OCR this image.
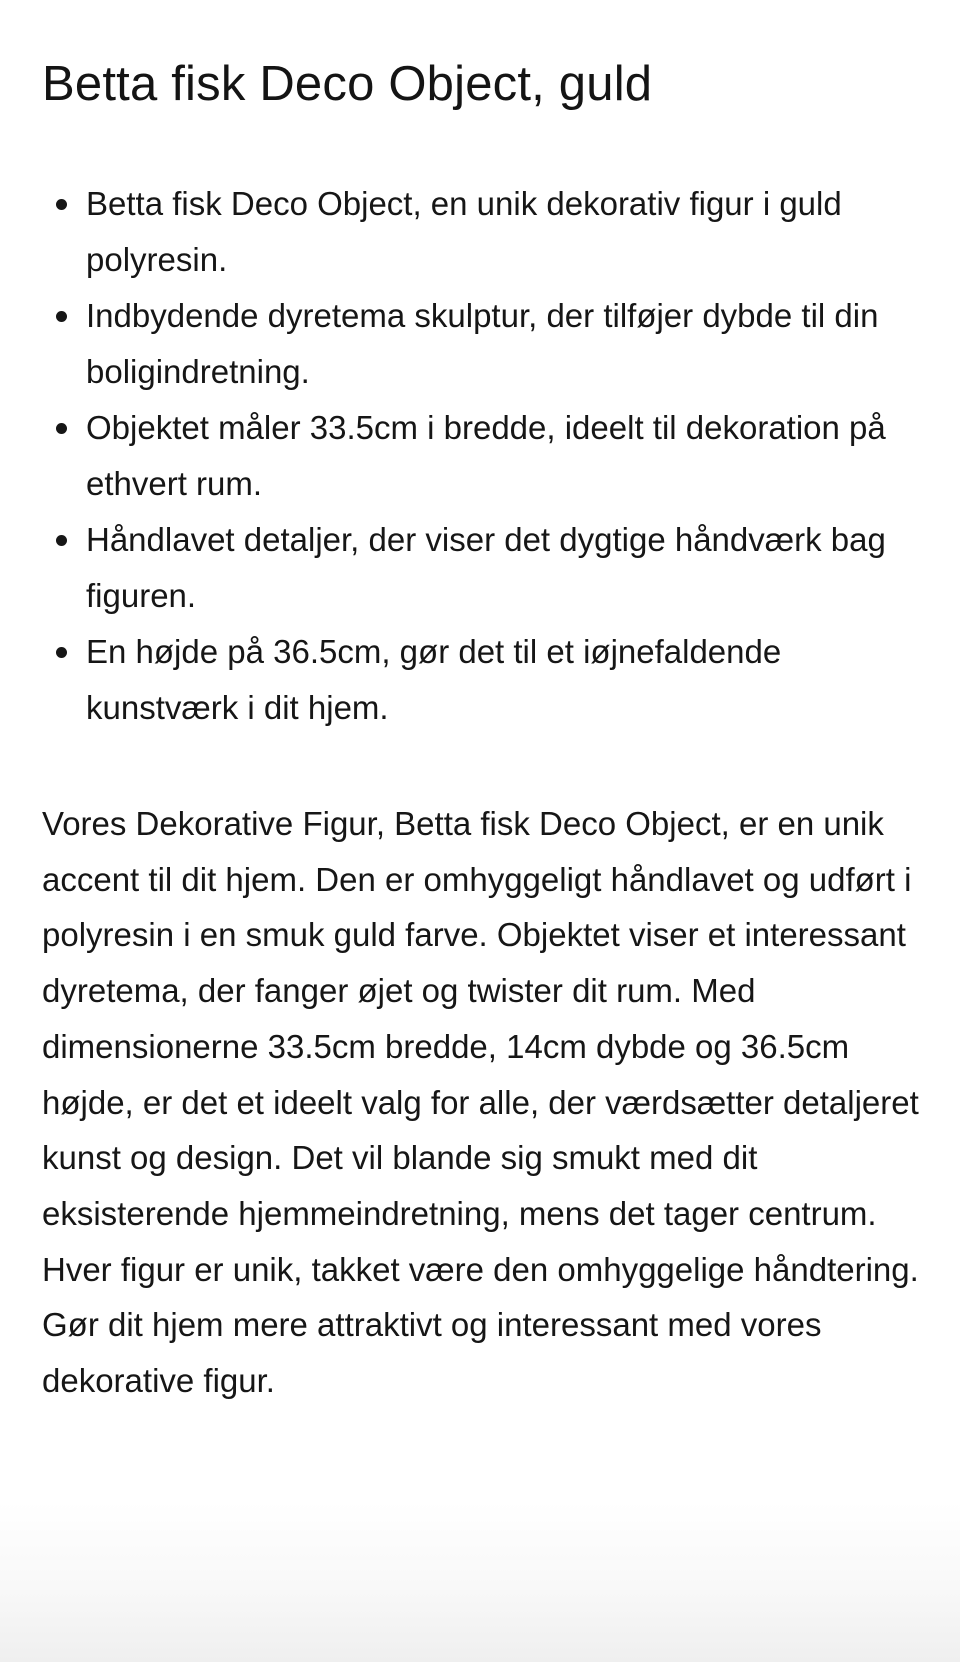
Betta fisk Deco Object, guld
Betta fisk Deco Object, en unik dekorativ figur i guld polyresin.
Indbydende dyretema skulptur, der tilføjer dybde til din boligindretning.
Objektet måler 33.5cm i bredde, ideelt til dekoration på ethvert rum.
Håndlavet detaljer, der viser det dygtige håndværk bag figuren.
En højde på 36.5cm, gør det til et iøjnefaldende kunstværk i dit hjem.

Vores Dekorative Figur, Betta fisk Deco Object, er en unik accent til dit hjem. Den er omhyggeligt håndlavet og udført i polyresin i en smuk guld farve. Objektet viser et interessant dyretema, der fanger øjet og twister dit rum. Med dimensionerne 33.5cm bredde, 14cm dybde og 36.5cm højde, er det et ideelt valg for alle, der værdsætter detaljeret kunst og design. Det vil blande sig smukt med dit eksisterende hjemmeindretning, mens det tager centrum. Hver figur er unik, takket være den omhyggelige håndtering. Gør dit hjem mere attraktivt og interessant med vores dekorative figur.
